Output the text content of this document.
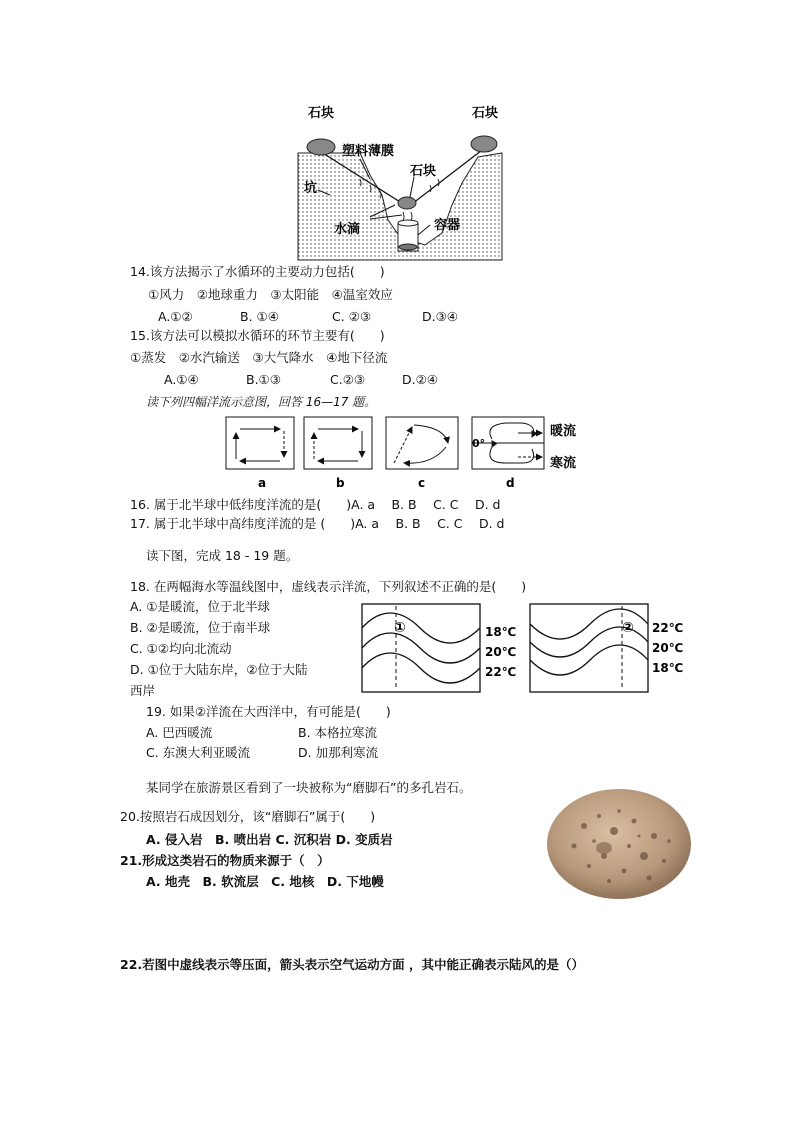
石块	石块
塑料薄膜
石块
坑
水滴	容器
14.该方法揭示了水循环的主要动力包括(　　)
①风力　②地球重力　③太阳能　④温室效应
A.①②	B. ①④	C. ②③	D.③④
15.该方法可以模拟水循环的环节主要有(　　)
①蒸发　②水汽输送　③大气降水　④地下径流
A.①④	B.①③	C.②③	D.②④
读下列四幅洋流示意图，回答 16—17 题。
0°
暖流
寒流
a	b	c	d
16. 属于北半球中低纬度洋流的是(　　)A. a　 B. B　 C. C　 D. d
17. 属于北半球中高纬度洋流的是 (　　)A. a　 B. B　 C. C　 D. d
读下图，完成 18 - 19 题。
18. 在两幅海水等温线图中，虚线表示洋流，下列叙述不正确的是(　　)
A. ①是暖流，位于北半球
B. ②是暖流，位于南半球
C. ①②均向北流动
D. ①位于大陆东岸，②位于大陆
西岸
①	18℃
20℃
22℃
② 22℃
20℃
18℃
19. 如果②洋流在大西洋中，有可能是(　　)
A. 巴西暖流	B. 本格拉寒流
C. 东澳大利亚暖流	D. 加那利寒流
某同学在旅游景区看到了一块被称为“磨脚石”的多孔岩石。
20.按照岩石成因划分，该“磨脚石”属于(　　)
A. 侵入岩　B. 喷出岩 C. 沉积岩 D. 变质岩
21.形成这类岩石的物质来源于（　）
A. 地壳　B. 软流层　C. 地核　D. 下地幔
22.若图中虚线表示等压面，箭头表示空气运动方面 ，其中能正确表示陆风的是（）
